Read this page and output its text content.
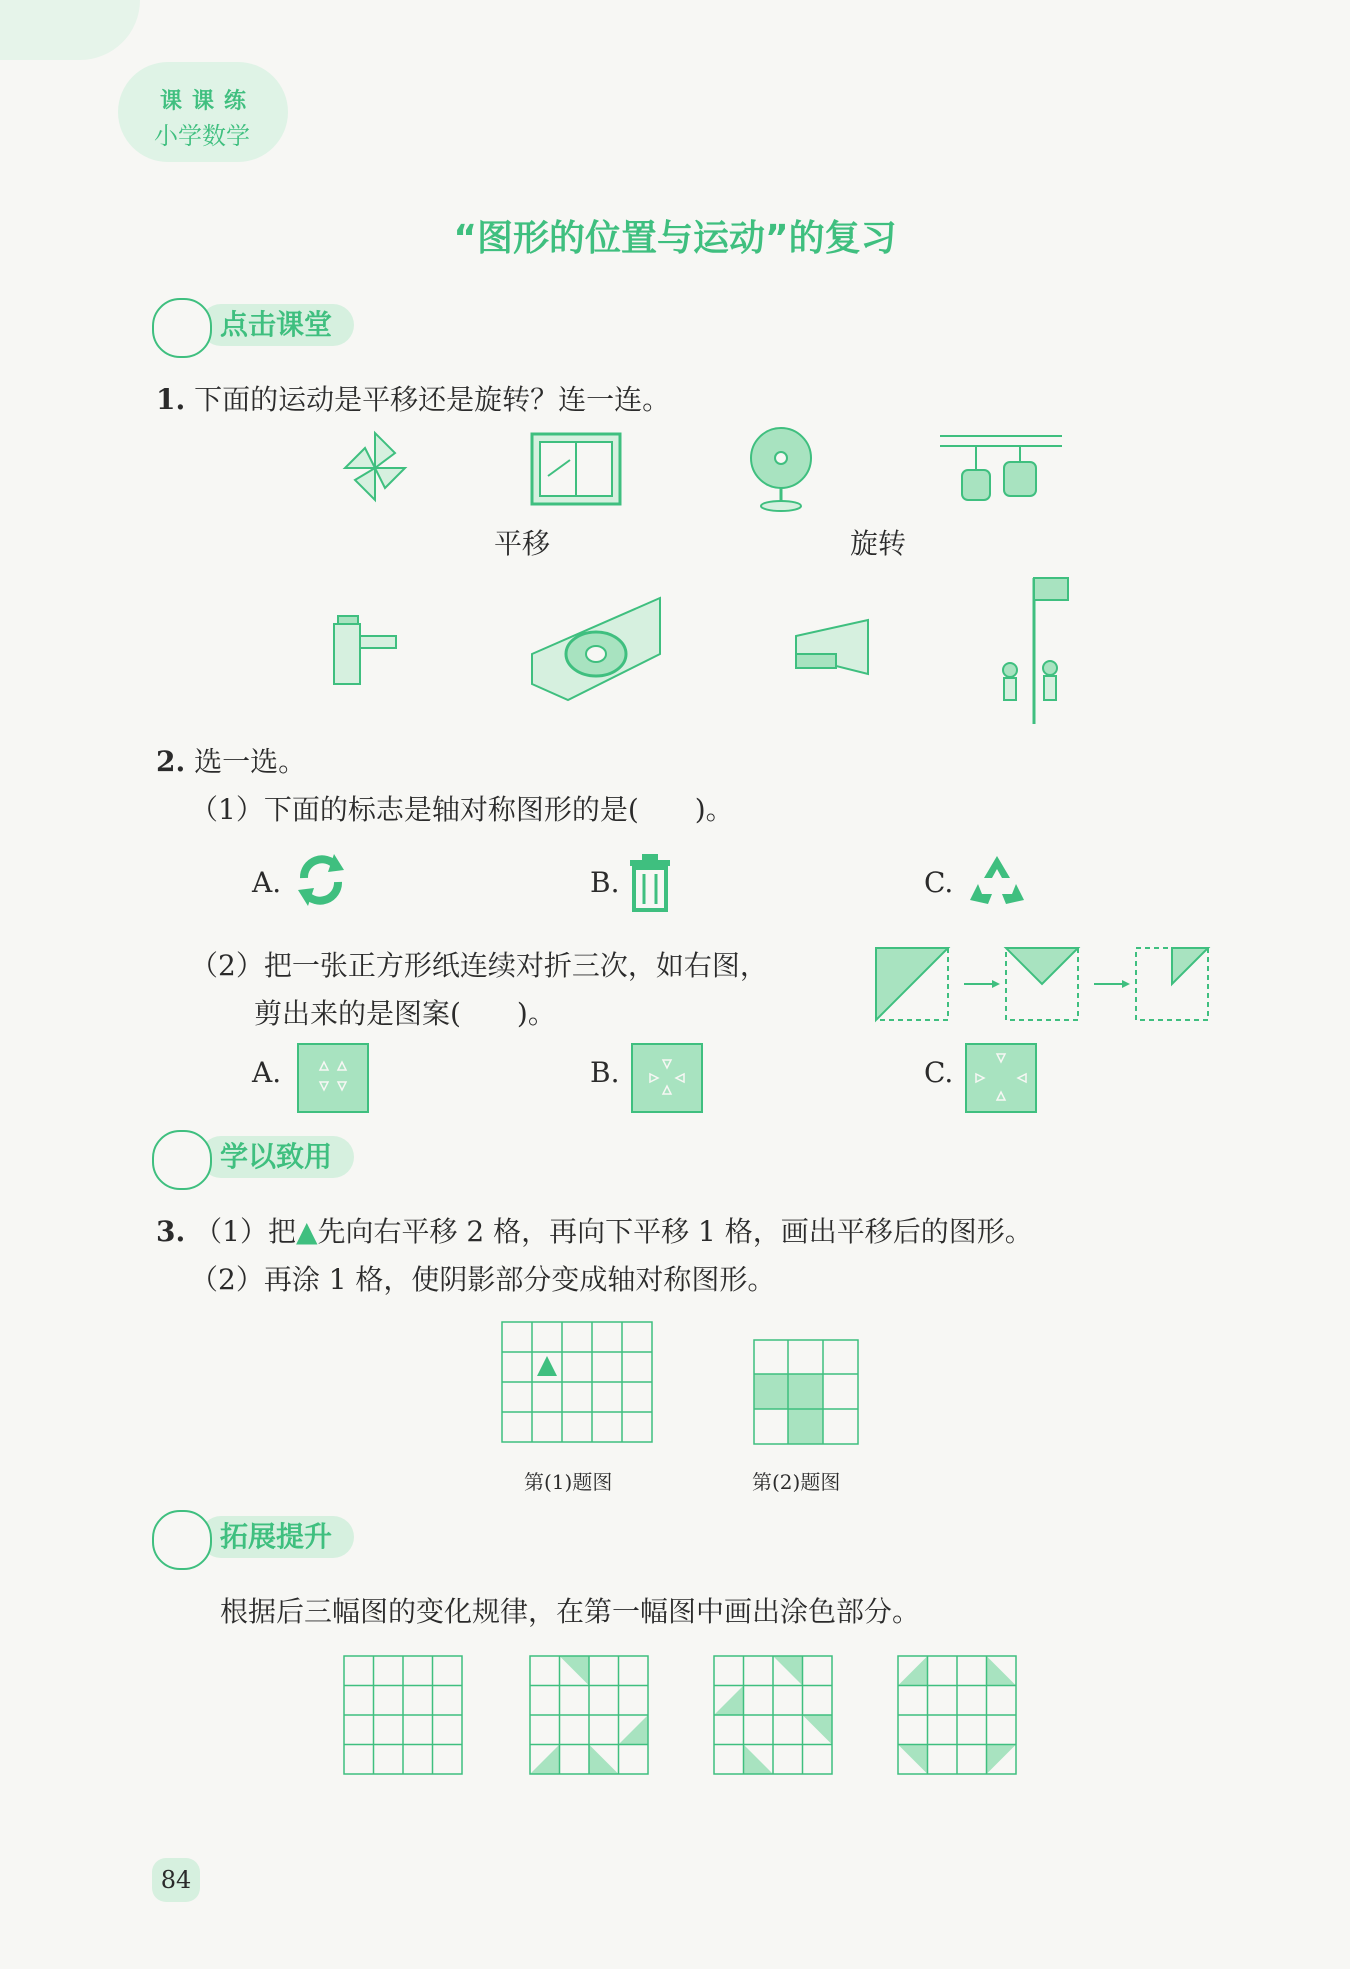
课课练
小学数学
“图形的位置与运动”的复习
点击课堂
1. 下面的运动是平移还是旋转？连一连。
平移	旋转
2. 选一选。
（1）下面的标志是轴对称图形的是(　　)。
A.	B.	C.
（2）把一张正方形纸连续对折三次，如右图，
剪出来的是图案(　　)。
A.	B.	C.
学以致用
3. （1）把▲先向右平移 2 格，再向下平移 1 格，画出平移后的图形。
（2）再涂 1 格，使阴影部分变成轴对称图形。
第(1)题图	第(2)题图
拓展提升
根据后三幅图的变化规律，在第一幅图中画出涂色部分。
84
